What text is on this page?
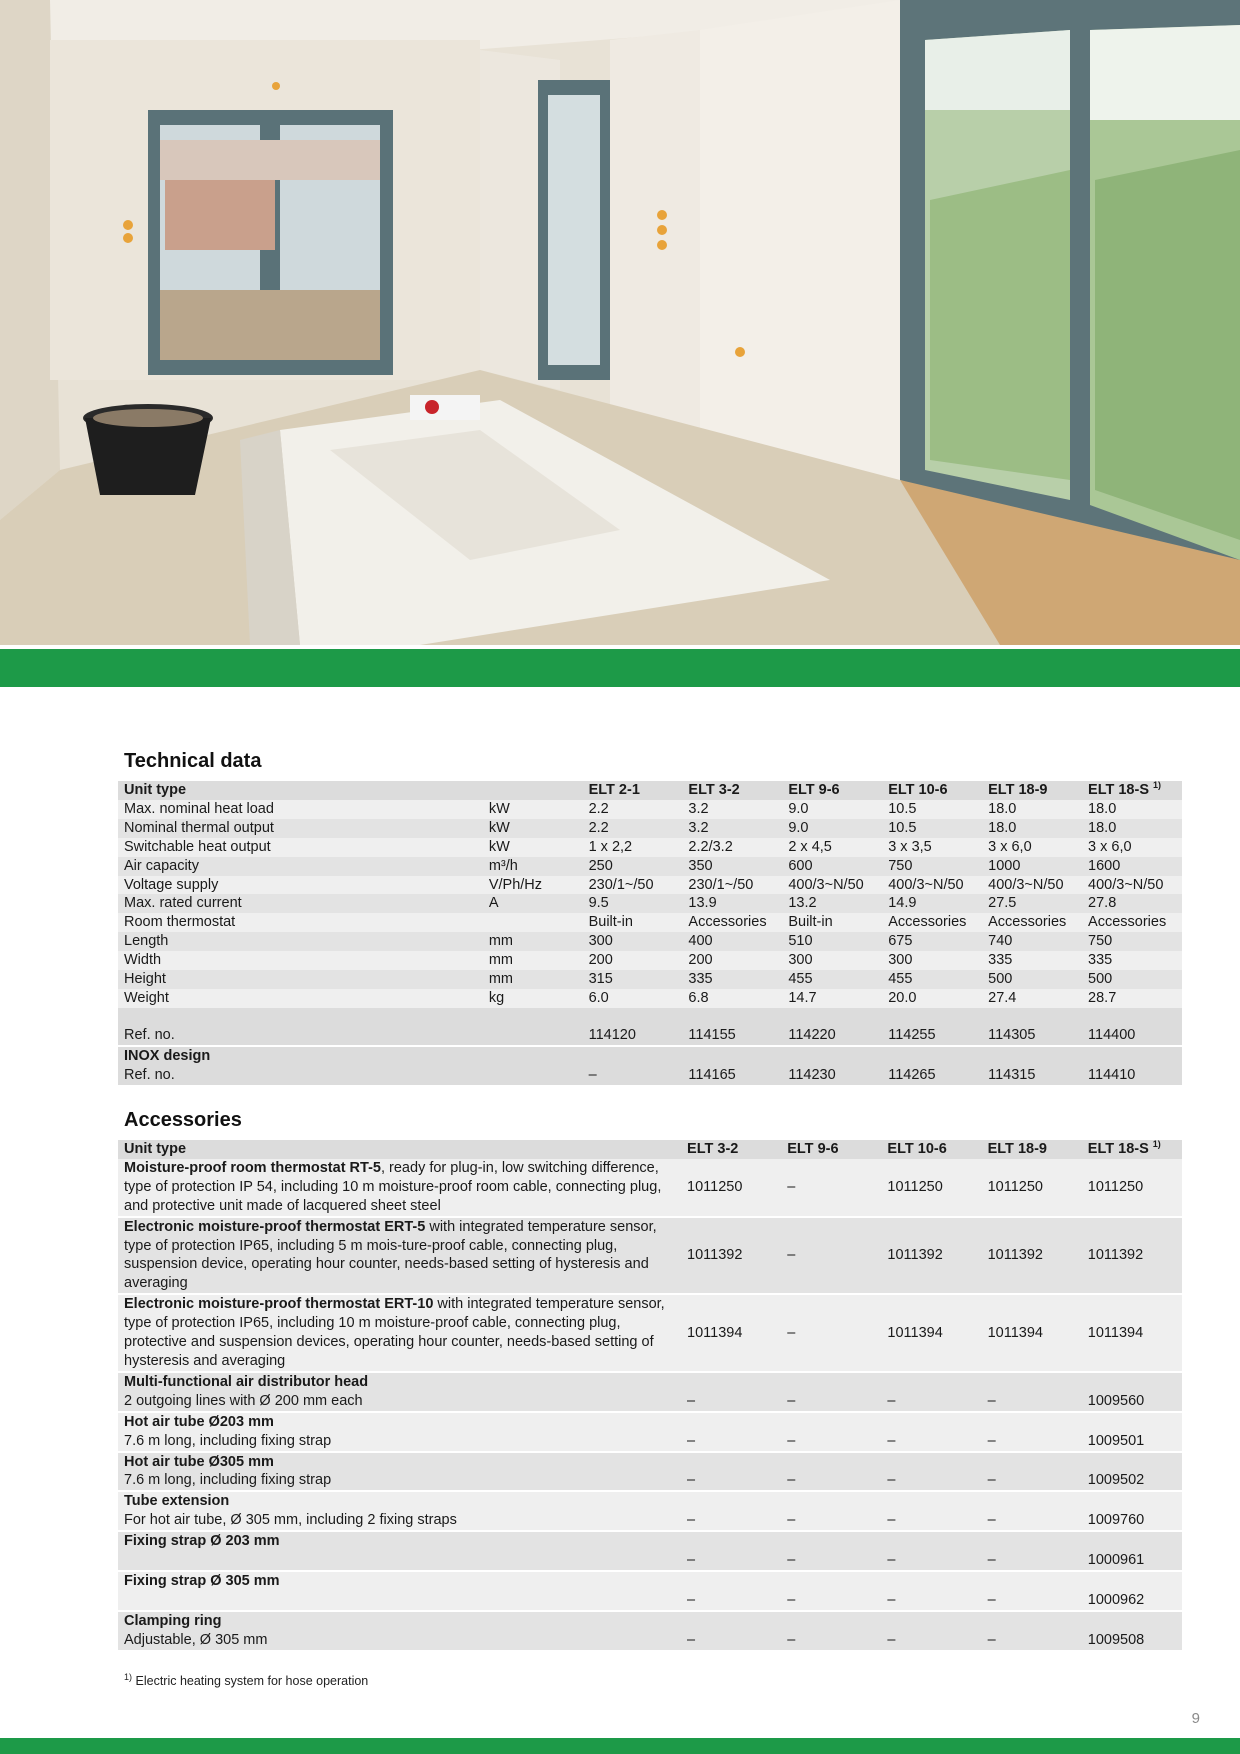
Technical data
Unit type		ELT 2-1	ELT 3-2	ELT 9-6	ELT 10-6	ELT 18-9	ELT 18-S $^{1)}$
Max. nominal heat load	kW	2.2	3.2	9.0	10.5	18.0	18.0
Nominal thermal output	kW	2.2	3.2	9.0	10.5	18.0	18.0
Switchable heat output	kW	1 x 2,2	2.2/3.2	2 x 4,5	3 x 3,5	3 x 6,0	3 x 6,0
Air capacity	m³/h	250	350	600	750	1000	1600
Voltage supply	V/Ph/Hz	230/1~/50	230/1~/50	400/3~N/50	400/3~N/50	400/3~N/50	400/3~N/50
Max. rated current	A	9.5	13.9	13.2	14.9	27.5	27.8
Room thermostat		Built-in	Accessories	Built-in	Accessories	Accessories	Accessories
Length	mm	300	400	510	675	740	750
Width	mm	200	200	300	300	335	335
Height	mm	315	335	455	455	500	500
Weight	kg	6.0	6.8	14.7	20.0	27.4	28.7

Ref. no.		114120	114155	114220	114255	114305	114400
INOX design							
Ref. no.		–	114165	114230	114265	114315	114410
Accessories
Unit type	ELT 3-2	ELT 9-6	ELT 10-6	ELT 18-9	ELT 18-S $^{1)}$
Moisture-proof room thermostat RT-5, ready for plug-in, low switching difference, type of protection IP 54, including 10 m moisture-proof room cable, connecting plug, and protective unit made of lacquered sheet steel	1011250	–	1011250	1011250	1011250
Electronic moisture-proof thermostat ERT-5 with integrated temperature sensor, type of protection IP65, including 5 m mois-ture-proof cable, connecting plug, suspension device, operating hour counter, needs-based setting of hysteresis and averaging	1011392	–	1011392	1011392	1011392
Electronic moisture-proof thermostat ERT-10 with integrated temperature sensor, type of protection IP65, including 10 m moisture-proof cable, connecting plug, protective and suspension devices, operating hour counter, needs-based setting of hysteresis and averaging	1011394	–	1011394	1011394	1011394
Multi-functional air distributor head
2 outgoing lines with Ø 200 mm each	–	–	–	–	1009560
Hot air tube Ø203 mm
7.6 m long, including fixing strap	–	–	–	–	1009501
Hot air tube Ø305 mm
7.6 m long, including fixing strap	–	–	–	–	1009502
Tube extension
For hot air tube, Ø 305 mm, including 2 fixing straps	–	–	–	–	1009760
Fixing strap Ø 203 mm	–	–	–	–	1000961
Fixing strap Ø 305 mm	–	–	–	–	1000962
Clamping ring
Adjustable, Ø 305 mm	–	–	–	–	1009508
$^{1)}$ Electric heating system for hose operation
9
